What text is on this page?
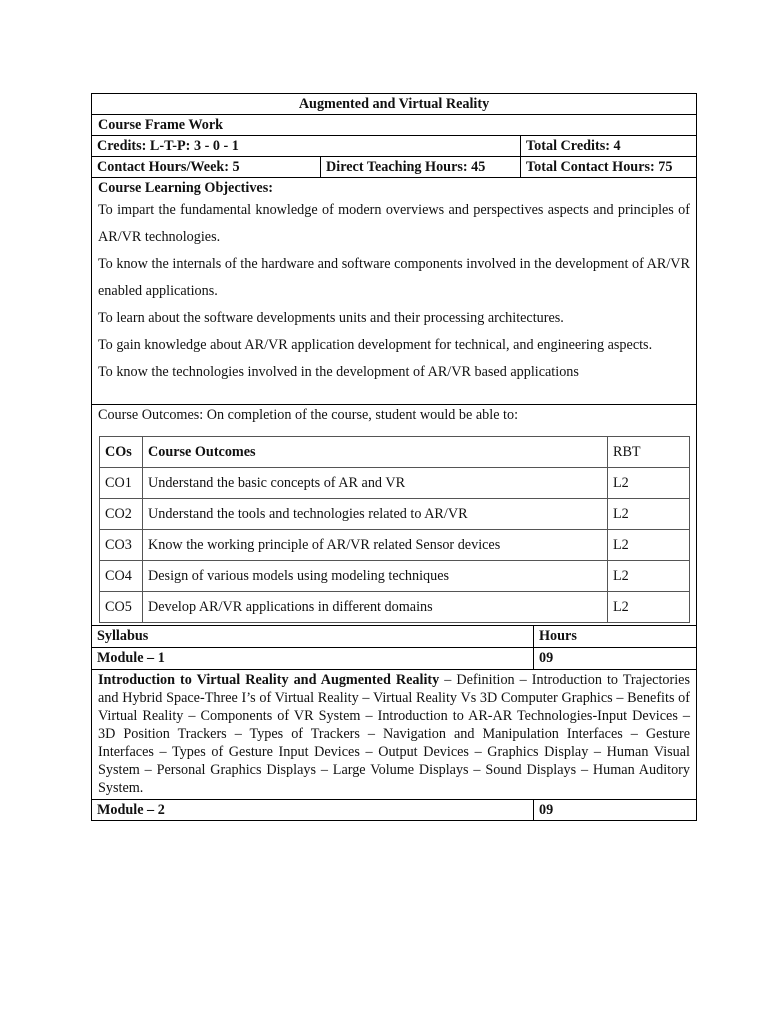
Augmented and Virtual Reality
Course Frame Work
Credits: L-T-P: 3 - 0 - 1	Total Credits: 4
Contact Hours/Week: 5	Direct Teaching Hours: 45	Total Contact Hours: 75
Course Learning Objectives:
To impart the fundamental knowledge of modern overviews and perspectives aspects and principles of AR/VR technologies.
To know the internals of the hardware and software components involved in the development of AR/VR enabled applications.
To learn about the software developments units and their processing architectures.
To gain knowledge about AR/VR application development for technical, and engineering aspects.
To know the technologies involved in the development of AR/VR based applications
Course Outcomes: On completion of the course, student would be able to:
COs	Course Outcomes	RBT
CO1	Understand the basic concepts of AR and VR	L2
CO2	Understand the tools and technologies related to AR/VR	L2
CO3	Know the working principle of AR/VR related Sensor devices	L2
CO4	Design of various models using modeling techniques	L2
CO5	Develop AR/VR applications in different domains	L2
Syllabus	Hours
Module – 1	09
Introduction to Virtual Reality and Augmented Reality – Definition – Introduction to Trajectories and Hybrid Space-Three I’s of Virtual Reality – Virtual Reality Vs 3D Computer Graphics – Benefits of Virtual Reality – Components of VR System – Introduction to AR-AR Technologies-Input Devices – 3D Position Trackers – Types of Trackers – Navigation and Manipulation Interfaces – Gesture Interfaces – Types of Gesture Input Devices – Output Devices – Graphics Display – Human Visual System – Personal Graphics Displays – Large Volume Displays – Sound Displays – Human Auditory System.
Module – 2	09
